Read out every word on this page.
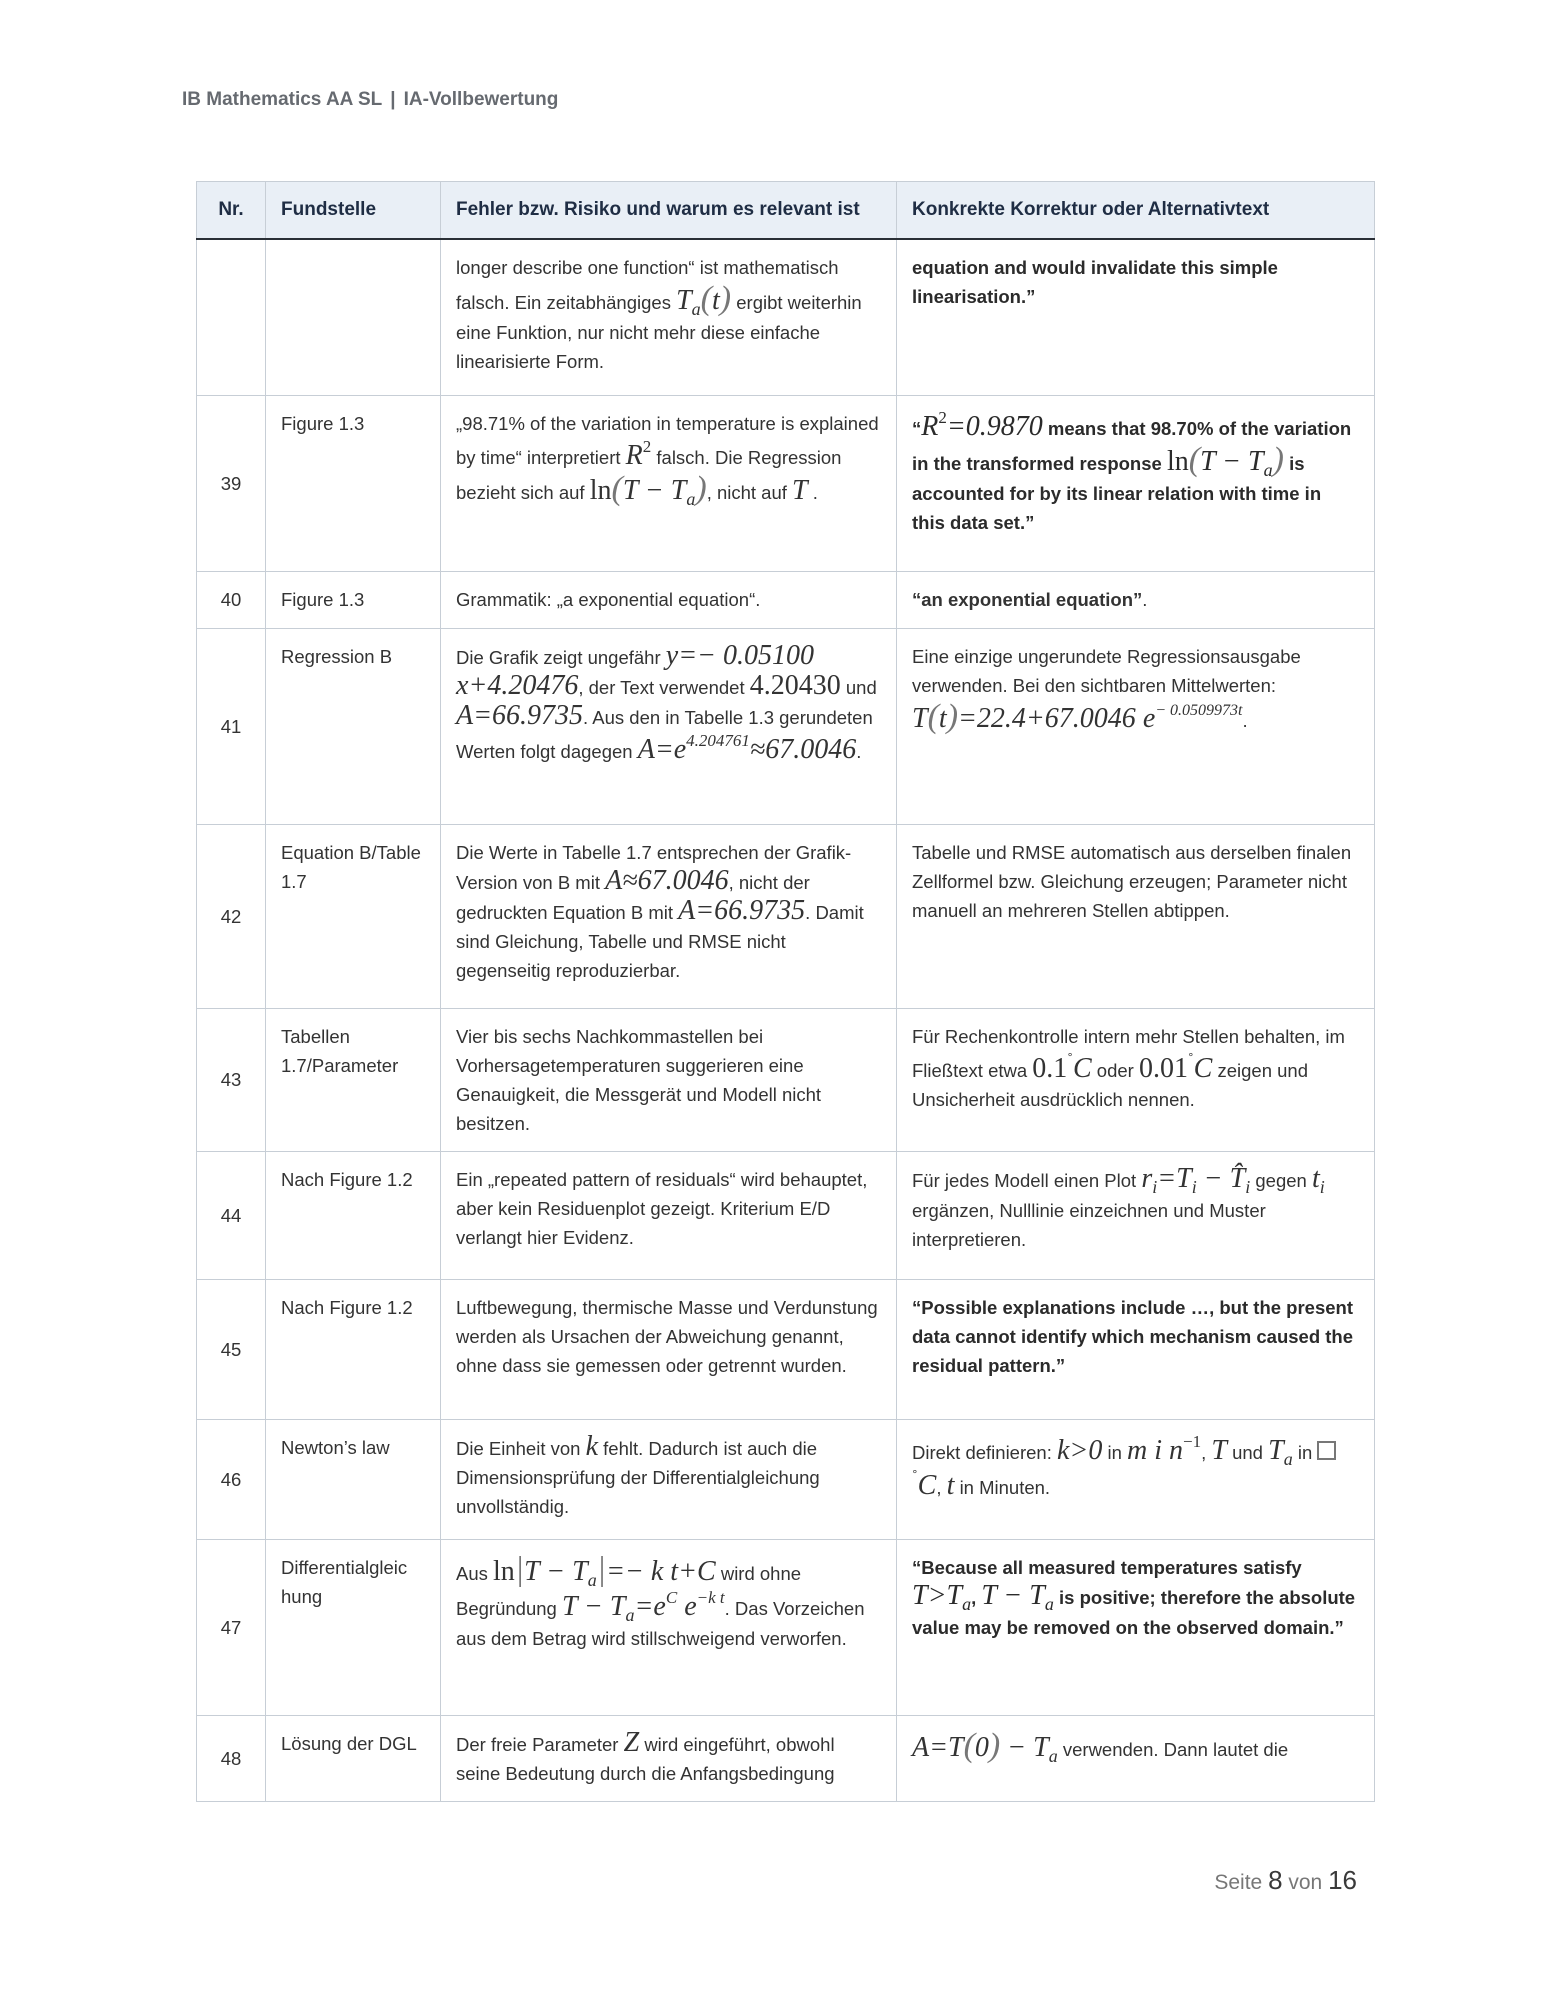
IB Mathematics AA SL | IA-Vollbewertung
Nr.	Fundstelle	Fehler bzw. Risiko und warum es relevant ist	Konkrekte Korrektur oder Alternativtext
		longer describe one function“ ist mathematisch falsch. Ein zeitabhängiges $T_a(t)$ ergibt weiterhin eine Funktion, nur nicht mehr diese einfache linearisierte Form.	equation and would invalidate this simple linearisation.”
39	Figure 1.3	„98.71% of the variation in temperature is explained by time“ interpretiert $R^2$ falsch. Die Regression bezieht sich auf $\ln(T - T_a)$, nicht auf T .	“$R^2=0.9870$ means that 98.70% of the variation in the transformed response $\ln(T - T_a)$ is accounted for by its linear relation with time in this data set.”
40	Figure 1.3	Grammatik: „a exponential equation“.	“an exponential equation”.
41	Regression B	Die Grafik zeigt ungefähr y=− 0.05100 x+4.20476, der Text verwendet 4.20430 und A=66.9735. Aus den in Tabelle 1.3 gerundeten Werten folgt dagegen $A=e^{4.204761}\approx 67.0046$.	Eine einzige ungerundete Regressionsausgabe verwenden. Bei den sichtbaren Mittelwerten: T(t)=22.4+67.0046 $e^{- 0.0509973t}$.
42	Equation B/Table 1.7	Die Werte in Tabelle 1.7 entsprechen der Grafik-Version von B mit A≈67.0046, nicht der gedruckten Equation B mit A=66.9735. Damit sind Gleichung, Tabelle und RMSE nicht gegenseitig reproduzierbar.	Tabelle und RMSE automatisch aus derselben finalen Zellformel bzw. Gleichung erzeugen; Parameter nicht manuell an mehreren Stellen abtippen.
43	Tabellen 1.7/Parameter	Vier bis sechs Nachkommastellen bei Vorhersagetemperaturen suggerieren eine Genauigkeit, die Messgerät und Modell nicht besitzen.	Für Rechenkontrolle intern mehr Stellen behalten, im Fließtext etwa 0.1˚C oder 0.01˚C zeigen und Unsicherheit ausdrücklich nennen.
44	Nach Figure 1.2	Ein „repeated pattern of residuals“ wird behauptet, aber kein Residuenplot gezeigt. Kriterium E/D verlangt hier Evidenz.	Für jedes Modell einen Plot $r_i=T_i$ − $T̂_i$ gegen $t_i$ ergänzen, Nulllinie einzeichnen und Muster interpretieren.
45	Nach Figure 1.2	Luftbewegung, thermische Masse und Verdunstung werden als Ursachen der Abweichung genannt, ohne dass sie gemessen oder getrennt wurden.	“Possible explanations include …, but the present data cannot identify which mechanism caused the residual pattern.”
46	Newton’s law	Die Einheit von k fehlt. Dadurch ist auch die Dimensionsprüfung der Differentialgleichung unvollständig.	Direkt definieren: k>0 in m i $n^{-1}$, T und $T_a$ in ˚C, t in Minuten.
47	Differentialgleic hung	Aus $\ln|T - T_a|=- k$ t+C wird ohne Begründung $T - T_a=e^C$ $e^{-k t}$. Das Vorzeichen aus dem Betrag wird stillschweigend verworfen.	“Because all measured temperatures satisfy $T>T_a$, $T - T_a$ is positive; therefore the absolute value may be removed on the observed domain.”
48	Lösung der DGL	Der freie Parameter Z wird eingeführt, obwohl seine Bedeutung durch die Anfangsbedingung	$A=T(0) - T_a$ verwenden. Dann lautet die
Seite 8 von 16
